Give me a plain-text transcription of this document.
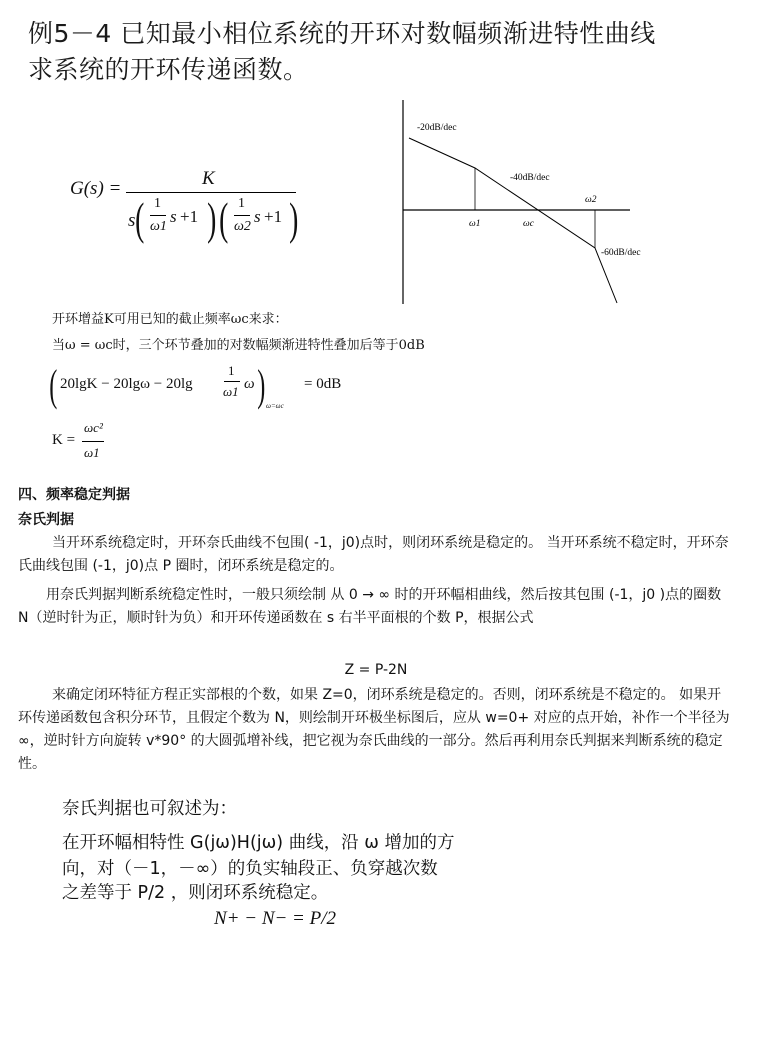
例5－4 已知最小相位系统的开环对数幅频渐进特性曲线
求系统的开环传递函数。
G(s) =	K
s ( 1
ω1
s +1 ) ( 1
ω2
s +1 )
-20dB/dec
-40dB/dec
-60dB/dec
ω1	ωc
ω2
开环增益K可用已知的截止频率ωc来求：
当ω = ωc时，三个环节叠加的对数幅频渐进特性叠加后等于0dB
( 20lgK − 20lgω − 20lg
1
ω1 ω ) ω=ωc
= 0dB
K =
ωc²
ω1
四、频率稳定判据
奈氏判据
当开环系统稳定时，开环奈氏曲线不包围( -1，j0)点时，则闭环系统是稳定的。 当开环系统不稳定时，开环奈氏曲线包围 (-1，j0)点 P 圈时，闭环系统是稳定的。
用奈氏判据判断系统稳定性时，一般只须绘制 从 0 → ∞ 时的开环幅相曲线，然后按其包围 (-1，j0 )点的圈数 N（逆时针为正，顺时针为负）和开环传递函数在 s 右半平面根的个数 P，根据公式
Z = P-2N
来确定闭环特征方程正实部根的个数，如果 Z=0，闭环系统是稳定的。否则，闭环系统是不稳定的。 如果开环传递函数包含积分环节，且假定个数为 N，则绘制开环极坐标图后，应从 w=0+ 对应的点开始，补作一个半径为∞，逆时针方向旋转 v*90° 的大圆弧增补线，把它视为奈氏曲线的一部分。然后再利用奈氏判据来判断系统的稳定性。
奈氏判据也可叙述为：
在开环幅相特性 G(jω)H(jω) 曲线，沿 ω 增加的方
向，对（－1，－∞）的负实轴段正、负穿越次数
之差等于 P/2 ，则闭环系统稳定。
N+ − N− = P/2
